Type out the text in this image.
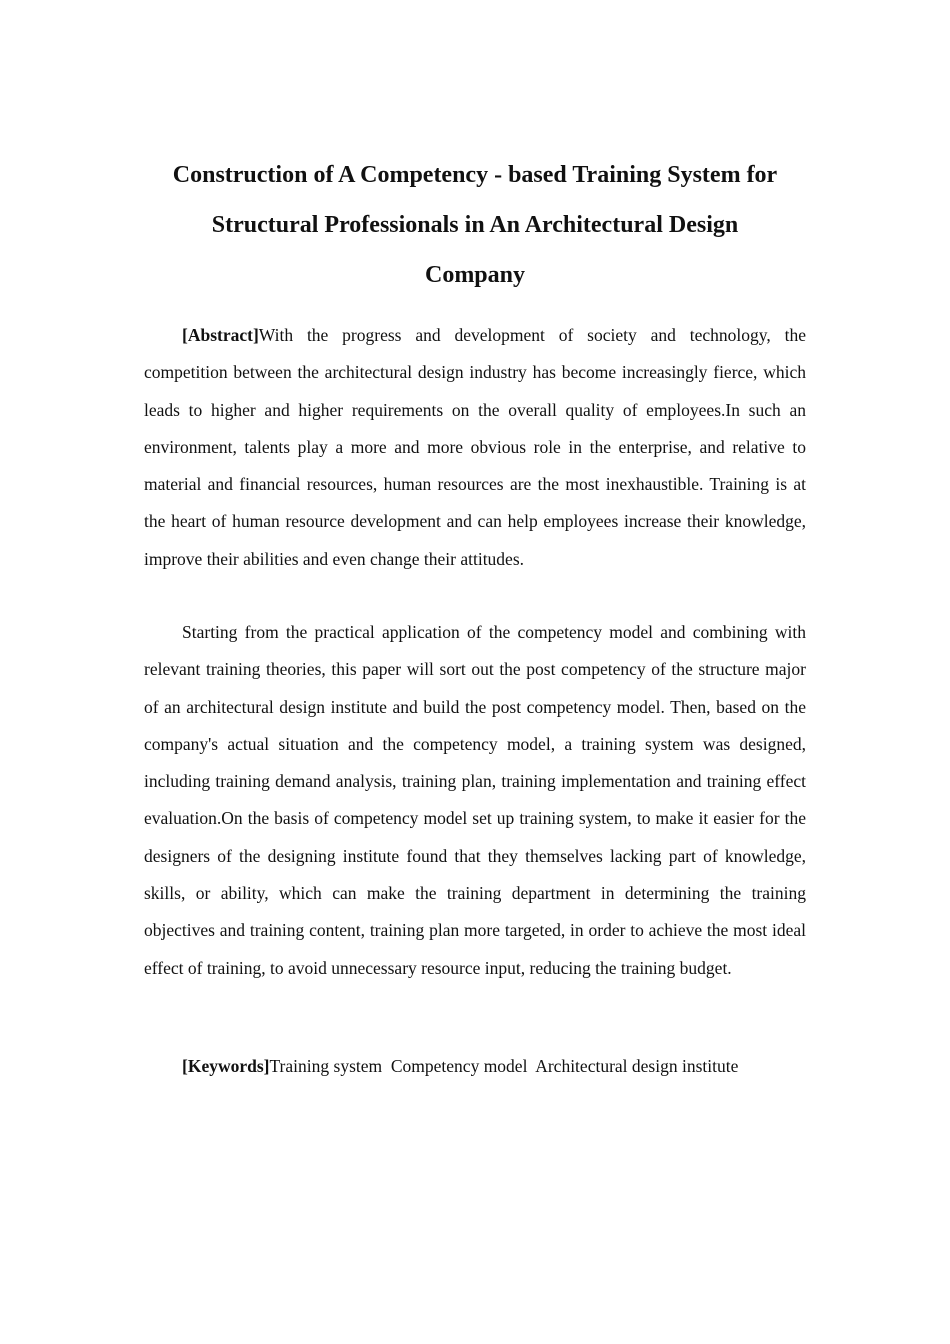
Construction of A Competency - based Training System for
Structural Professionals in An Architectural Design
Company

[Abstract]With the progress and development of society and technology, the competition between the architectural design industry has become increasingly fierce, which leads to higher and higher requirements on the overall quality of employees.In such an environment, talents play a more and more obvious role in the enterprise, and relative to material and financial resources, human resources are the most inexhaustible. Training is at the heart of human resource development and can help employees increase their knowledge, improve their abilities and even change their attitudes.

Starting from the practical application of the competency model and combining with relevant training theories, this paper will sort out the post competency of the structure major of an architectural design institute and build the post competency model. Then, based on the company's actual situation and the competency model, a training system was designed, including training demand analysis, training plan, training implementation and training effect evaluation.On the basis of competency model set up training system, to make it easier for the designers of the designing institute found that they themselves lacking part of knowledge, skills, or ability, which can make the training department in determining the training objectives and training content, training plan more targeted, in order to achieve the most ideal effect of training, to avoid unnecessary resource input, reducing the training budget.

[Keywords]Training system  Competency model  Architectural design institute
